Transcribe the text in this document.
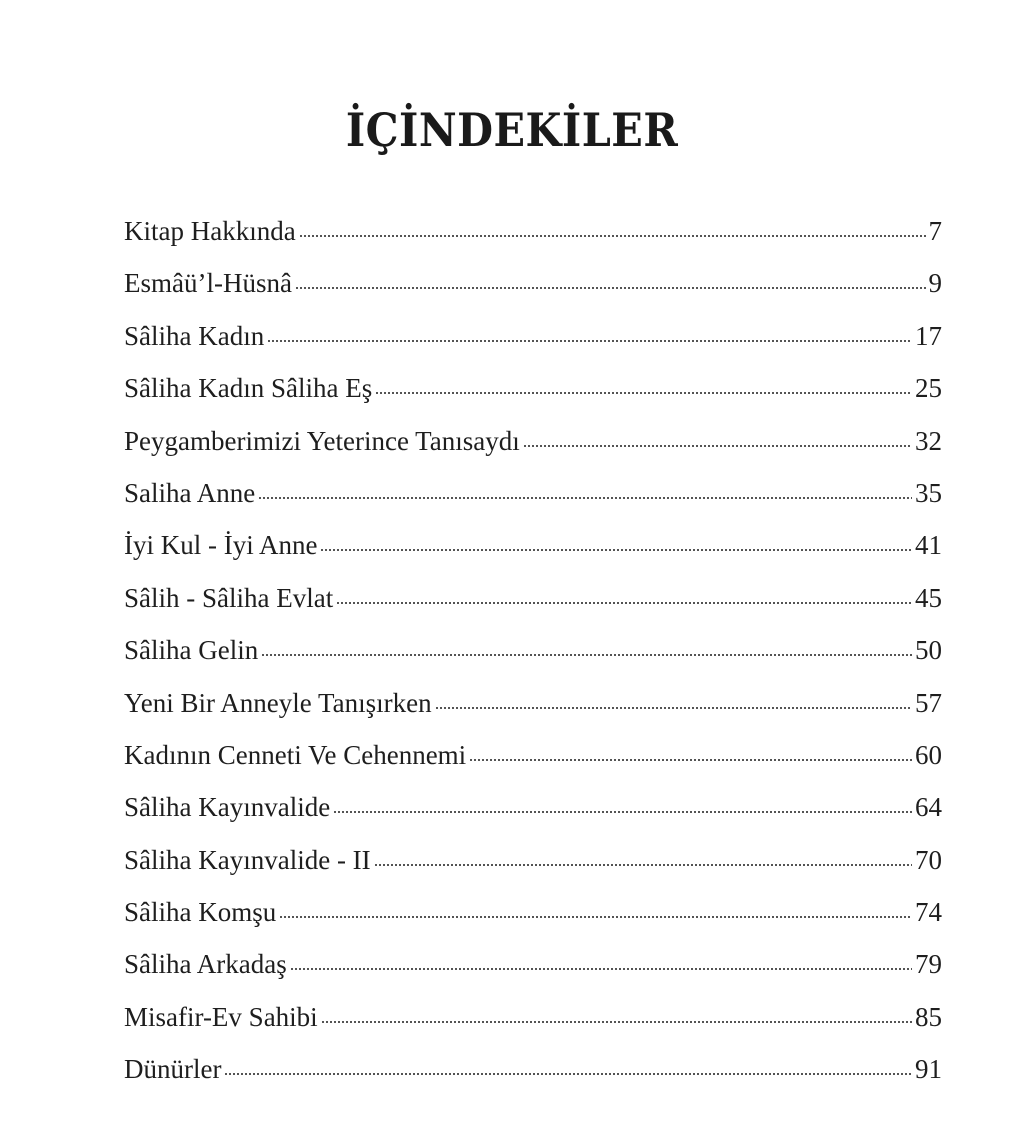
İÇİNDEKİLER
Kitap Hakkında	7
Esmâü’l-Hüsnâ	9
Sâliha Kadın	17
Sâliha Kadın Sâliha Eş	25
Peygamberimizi Yeterince Tanısaydı	32
Saliha Anne	35
İyi Kul - İyi Anne	41
Sâlih - Sâliha Evlat	45
Sâliha Gelin	50
Yeni Bir Anneyle Tanışırken	57
Kadının Cenneti Ve Cehennemi	60
Sâliha Kayınvalide	64
Sâliha Kayınvalide - II	70
Sâliha Komşu	74
Sâliha Arkadaş	79
Misafir-Ev Sahibi	85
Dünürler	91
